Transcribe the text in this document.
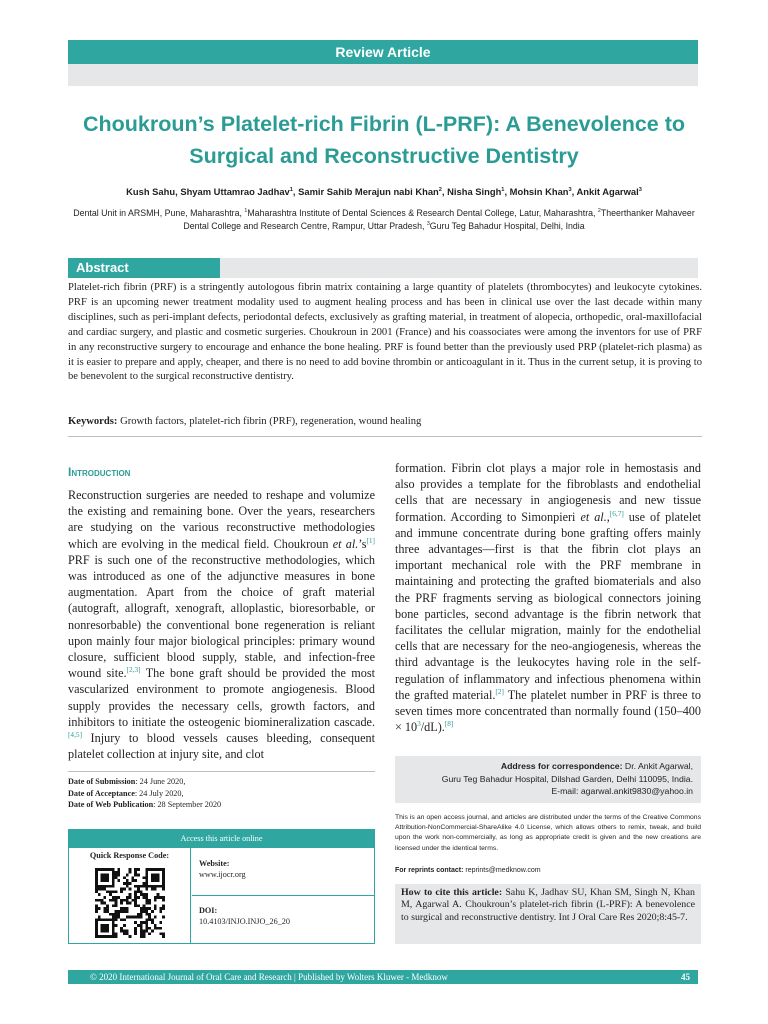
Review Article
Choukroun’s Platelet-rich Fibrin (L-PRF): A Benevolence to Surgical and Reconstructive Dentistry
Kush Sahu, Shyam Uttamrao Jadhav$^1$, Samir Sahib Merajun nabi Khan$^2$, Nisha Singh$^1$, Mohsin Khan$^3$, Ankit Agarwal$^3$
Dental Unit in ARSMH, Pune, Maharashtra, $^1$Maharashtra Institute of Dental Sciences & Research Dental College, Latur, Maharashtra, $^2$Theerthanker Mahaveer Dental College and Research Centre, Rampur, Uttar Pradesh, $^3$Guru Teg Bahadur Hospital, Delhi, India
Abstract

Platelet-rich fibrin (PRF) is a stringently autologous fibrin matrix containing a large quantity of platelets (thrombocytes) and leukocyte cytokines. PRF is an upcoming newer treatment modality used to augment healing process and has been in clinical use over the last decade within many disciplines, such as peri-implant defects, periodontal defects, exclusively as grafting material, in treatment of alopecia, orthopedic, oral-maxillofacial and cardiac surgery, and plastic and cosmetic surgeries. Choukroun in 2001 (France) and his coassociates were among the inventors for use of PRF in any reconstructive surgery to encourage and enhance the bone healing. PRF is found better than the previously used PRP (platelet-rich plasma) as it is easier to prepare and apply, cheaper, and there is no need to add bovine thrombin or anticoagulant in it. Thus in the current setup, it is proving to be benevolent to the surgical reconstructive dentistry.

Keywords: Growth factors, platelet-rich fibrin (PRF), regeneration, wound healing

Introduction
Reconstruction surgeries are needed to reshape and volumize the existing and remaining bone. Over the years, researchers are studying on the various reconstructive methodologies which are evolving in the medical field. Choukroun et al.’s[1] PRF is such one of the reconstructive methodologies, which was introduced as one of the adjunctive measures in bone augmentation. Apart from the choice of graft material (autograft, allograft, xenograft, alloplastic, bioresorbable, or nonresorbable) the conventional bone regeneration is reliant upon mainly four major biological principles: primary wound closure, sufficient blood supply, stable, and infection-free wound site.[2,3] The bone graft should be provided the most vascularized environment to promote angiogenesis. Blood supply provides the necessary cells, growth factors, and inhibitors to initiate the osteogenic biomineralization cascade.[4,5] Injury to blood vessels causes bleeding, consequent platelet collection at injury site, and clot
formation. Fibrin clot plays a major role in hemostasis and also provides a template for the fibroblasts and endothelial cells that are necessary in angiogenesis and new tissue formation. According to Simonpieri et al.,[6,7] use of platelet and immune concentrate during bone grafting offers mainly three advantages—first is that the fibrin clot plays an important mechanical role with the PRF membrane in maintaining and protecting the grafted biomaterials and also the PRF fragments serving as biological connectors joining bone particles, second advantage is the fibrin network that facilitates the cellular migration, mainly for the endothelial cells that are necessary for the neo-angiogenesis, whereas the third advantage is the leukocytes having role in the self-regulation of inflammatory and infectious phenomena within the grafted material.[2] The platelet number in PRF is three to seven times more concentrated than normally found $(150-400 \times 10^3/dL).[8]$
Date of Submission: 24 June 2020,
Date of Acceptance: 24 July 2020,
Date of Web Publication: 28 September 2020
Access this article online
Quick Response Code:
Website:
www.ijocr.org
DOI:
10.4103/INJO.INJO_26_20
Address for correspondence: Dr. Ankit Agarwal,
Guru Teg Bahadur Hospital, Dilshad Garden, Delhi 110095, India.
E-mail: agarwal.ankit9830@yahoo.in

This is an open access journal, and articles are distributed under the terms of the Creative Commons Attribution-NonCommercial-ShareAlike 4.0 License, which allows others to remix, tweak, and build upon the work non-commercially, as long as appropriate credit is given and the new creations are licensed under the identical terms.

For reprints contact: reprints@medknow.com

How to cite this article: Sahu K, Jadhav SU, Khan SM, Singh N, Khan M, Agarwal A. Choukroun’s platelet-rich fibrin (L-PRF): A benevolence to surgical and reconstructive dentistry. Int J Oral Care Res 2020;8:45-7.
© 2020 International Journal of Oral Care and Research | Published by Wolters Kluwer - Medknow	45
